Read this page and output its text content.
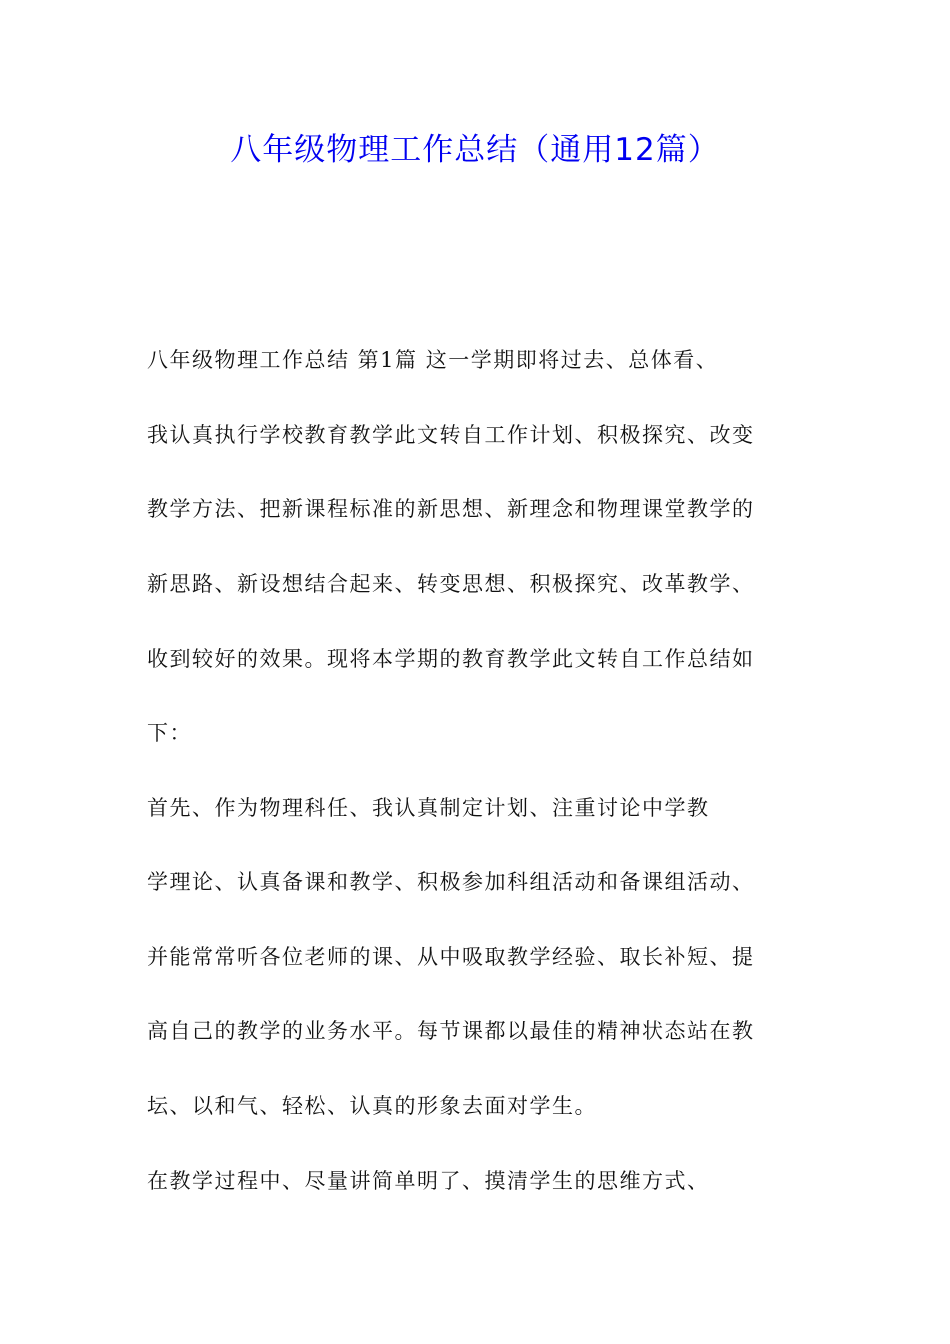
八年级物理工作总结（通用12篇）
八年级物理工作总结 第1篇 这一学期即将过去、总体看、
我认真执行学校教育教学此文转自工作计划、积极探究、改变
教学方法、把新课程标准的新思想、新理念和物理课堂教学的
新思路、新设想结合起来、转变思想、积极探究、改革教学、
收到较好的效果。现将本学期的教育教学此文转自工作总结如
下：
首先、作为物理科任、我认真制定计划、注重讨论中学教
学理论、认真备课和教学、积极参加科组活动和备课组活动、
并能常常听各位老师的课、从中吸取教学经验、取长补短、提
高自己的教学的业务水平。每节课都以最佳的精神状态站在教
坛、以和气、轻松、认真的形象去面对学生。
在教学过程中、尽量讲简单明了、摸清学生的思维方式、
